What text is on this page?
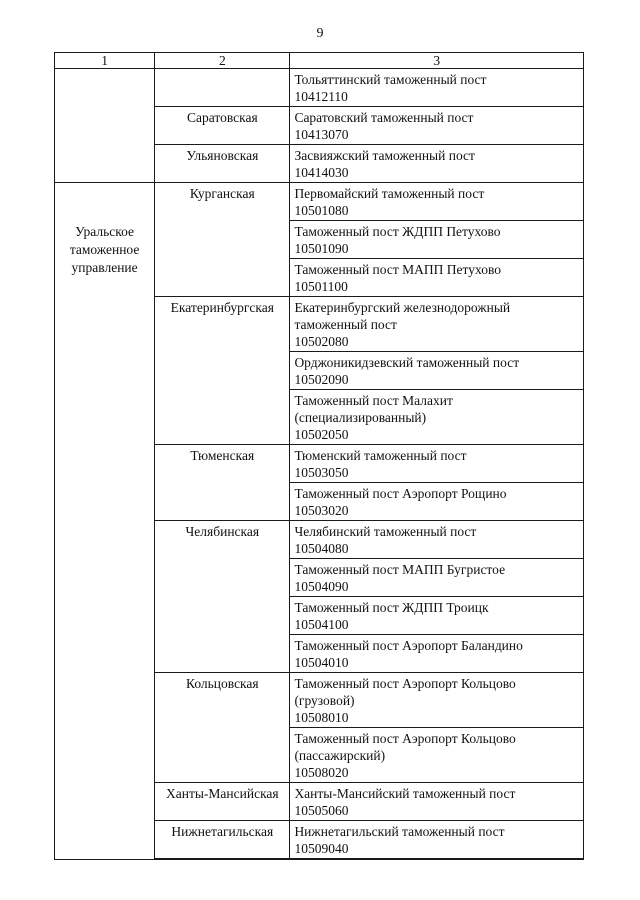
9
1	2	3

		Тольяттинский таможенный пост
10412110

	Саратовская	Саратовский таможенный пост
10413070

	Ульяновская	Засвияжский таможенный пост
10414030

Уральское
таможенное
управление	Курганская	Первомайский таможенный пост
10501080

		Таможенный пост ЖДПП Петухово
10501090

		Таможенный пост МАПП Петухово
10501100

	Екатеринбургская	Екатеринбургский железнодорожный
таможенный пост
10502080

		Орджоникидзевский таможенный пост
10502090

		Таможенный пост Малахит
(специализированный)
10502050

	Тюменская	Тюменский таможенный пост
10503050

		Таможенный пост Аэропорт Рощино
10503020

	Челябинская	Челябинский таможенный пост
10504080

		Таможенный пост МАПП Бугристое
10504090

		Таможенный пост ЖДПП Троицк
10504100

		Таможенный пост Аэропорт Баландино
10504010

	Кольцовская	Таможенный пост Аэропорт Кольцово
(грузовой)
10508010

		Таможенный пост Аэропорт Кольцово
(пассажирский)
10508020

	Ханты-Мансийская	Ханты-Мансийский таможенный пост
10505060

	Нижнетагильская	Нижнетагильский таможенный пост
10509040
